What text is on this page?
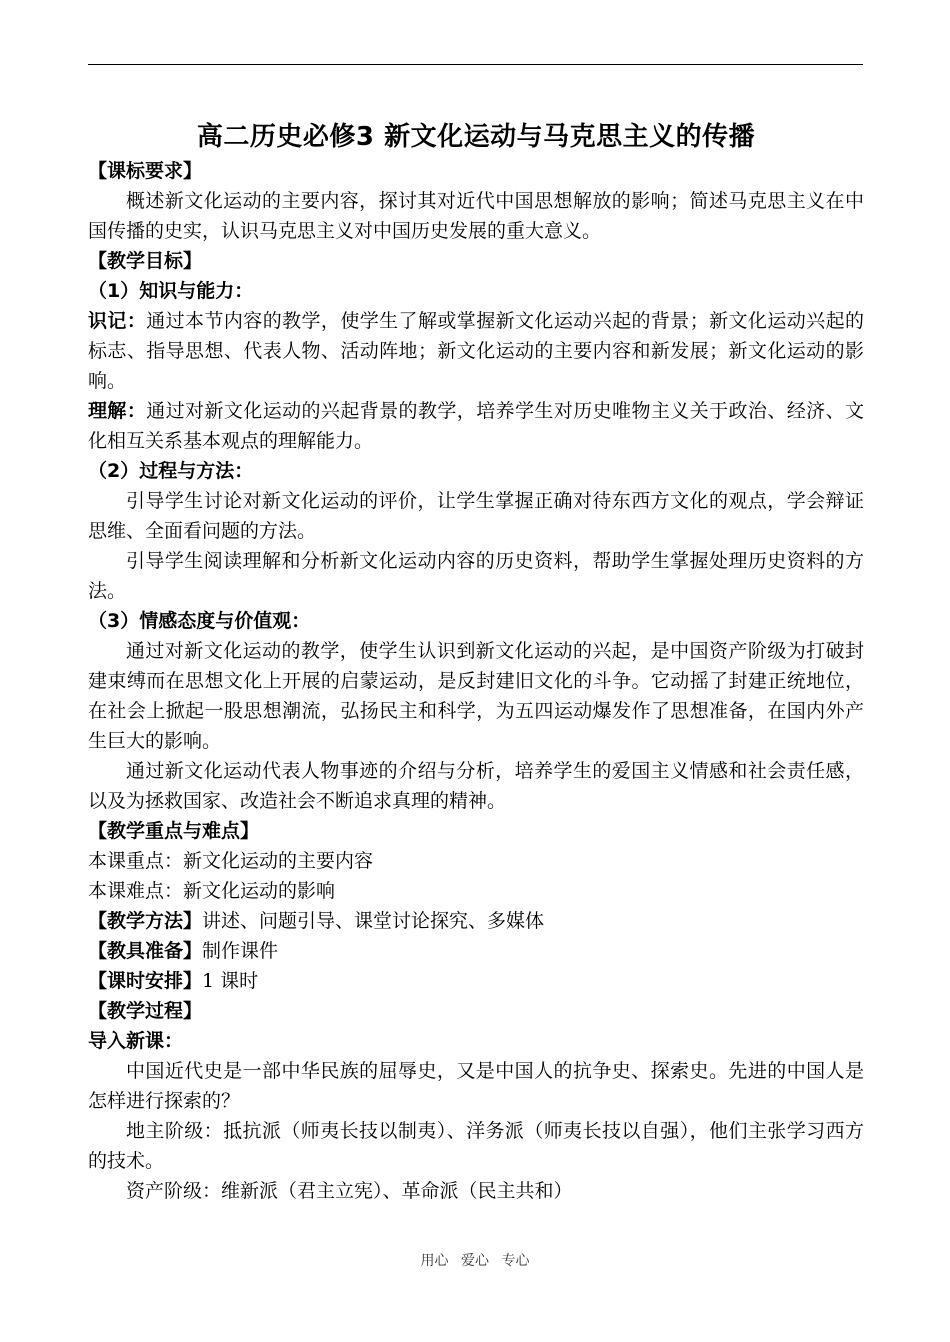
高二历史必修3 新文化运动与马克思主义的传播

【课标要求】

概述新文化运动的主要内容，探讨其对近代中国思想解放的影响；简述马克思主义在中国传播的史实，认识马克思主义对中国历史发展的重大意义。

【教学目标】

（1）知识与能力：

识记：通过本节内容的教学，使学生了解或掌握新文化运动兴起的背景；新文化运动兴起的标志、指导思想、代表人物、活动阵地；新文化运动的主要内容和新发展；新文化运动的影响。

理解：通过对新文化运动的兴起背景的教学，培养学生对历史唯物主义关于政治、经济、文化相互关系基本观点的理解能力。

（2）过程与方法：

引导学生讨论对新文化运动的评价，让学生掌握正确对待东西方文化的观点，学会辩证思维、全面看问题的方法。

引导学生阅读理解和分析新文化运动内容的历史资料，帮助学生掌握处理历史资料的方法。

（3）情感态度与价值观：

通过对新文化运动的教学，使学生认识到新文化运动的兴起，是中国资产阶级为打破封建束缚而在思想文化上开展的启蒙运动，是反封建旧文化的斗争。它动摇了封建正统地位，在社会上掀起一股思想潮流，弘扬民主和科学，为五四运动爆发作了思想准备，在国内外产生巨大的影响。

通过新文化运动代表人物事迹的介绍与分析，培养学生的爱国主义情感和社会责任感，以及为拯救国家、改造社会不断追求真理的精神。

【教学重点与难点】

本课重点：新文化运动的主要内容

本课难点：新文化运动的影响

【教学方法】讲述、问题引导、课堂讨论探究、多媒体

【教具准备】制作课件

【课时安排】1 课时

【教学过程】

导入新课：

中国近代史是一部中华民族的屈辱史，又是中国人的抗争史、探索史。先进的中国人是怎样进行探索的？

地主阶级：抵抗派（师夷长技以制夷）、洋务派（师夷长技以自强），他们主张学习西方的技术。

资产阶级：维新派（君主立宪）、革命派（民主共和）

用心 爱心 专心
